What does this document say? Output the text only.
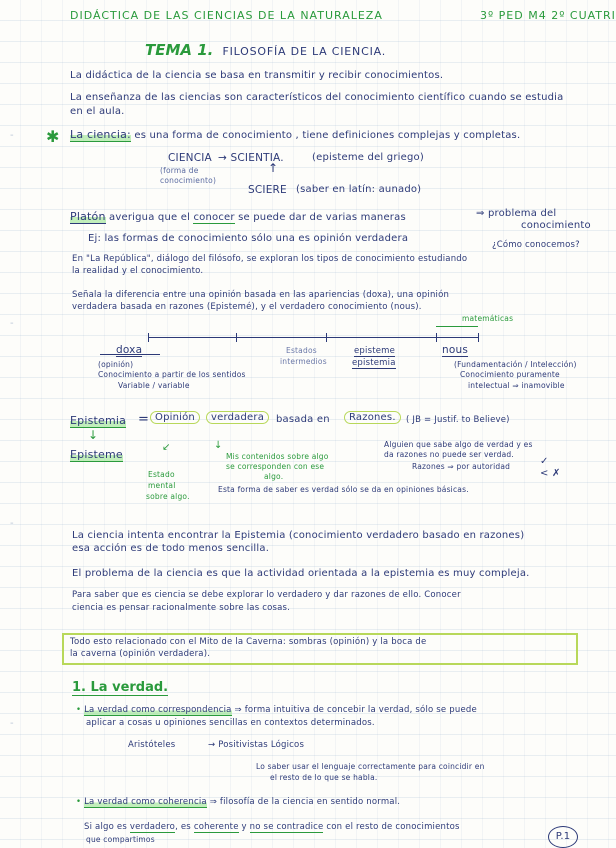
-
-
-
-
DIDÁCTICA DE LAS CIENCIAS DE LA NATURALEZA	3º PED M4 2º CUATRI
TEMA 1. FILOSOFÍA DE LA CIENCIA.
La didáctica de la ciencia se basa en transmitir y recibir conocimientos.
La enseñanza de las ciencias son característicos del conocimiento científico cuando se estudia
en el aula.
✱ La ciencia: es una forma de conocimiento , tiene definiciones complejas y completas.
CIENCIA → SCIENTIA.	(episteme del griego)
(forma de
conocimiento)
↑
SCIERE (saber en latín: aunado)
Platón averigua que el conocer se puede dar de varias maneras	⇒ problema del
conocimiento
Ej: las formas de conocimiento sólo una es opinión verdadera
¿Cómo conocemos?
En "La República", diálogo del filósofo, se exploran los tipos de conocimiento estudiando
la realidad y el conocimiento.
Señala la diferencia entre una opinión basada en las apariencias (doxa), una opinión
verdadera basada en razones (Epistemé), y el verdadero conocimiento (nous).
matemáticas
doxa
(opinión)
Conocimiento a partir de los sentidos
Variable / variable
Estados
intermedios
episteme
epistemia
nous
(Fundamentación / Intelección)
Conocimiento puramente
intelectual ⇒ inamovible
Epistemia = Opinión	verdadera	basada en	Razones.	( JB = Justif. to Believe)
↓
Episteme
Alguien que sabe algo de verdad y es
da razones no puede ser verdad.
Razones ⇒ por autoridad	✓
< ✗
↙	↓
Estado
mental
sobre algo.
Mis contenidos sobre algo
se corresponden con ese
algo.
Esta forma de saber es verdad sólo se da en opiniones básicas.
La ciencia intenta encontrar la Epistemia (conocimiento verdadero basado en razones)
esa acción es de todo menos sencilla.
El problema de la ciencia es que la actividad orientada a la epistemia es muy compleja.
Para saber que es ciencia se debe explorar lo verdadero y dar razones de ello. Conocer
ciencia es pensar racionalmente sobre las cosas.
Todo esto relacionado con el Mito de la Caverna: sombras (opinión) y la boca de
la caverna (opinión verdadera).
1. La verdad.
• La verdad como correspondencia ⇒ forma intuitiva de concebir la verdad, sólo se puede
aplicar a cosas u opiniones sencillas en contextos determinados.
Aristóteles	→ Positivistas Lógicos
Lo saber usar el lenguaje correctamente para coincidir en
el resto de lo que se habla.
• La verdad como coherencia ⇒ filosofía de la ciencia en sentido normal.
Si algo es verdadero, es coherente y no se contradice con el resto de conocimientos
que compartimos	P.1
